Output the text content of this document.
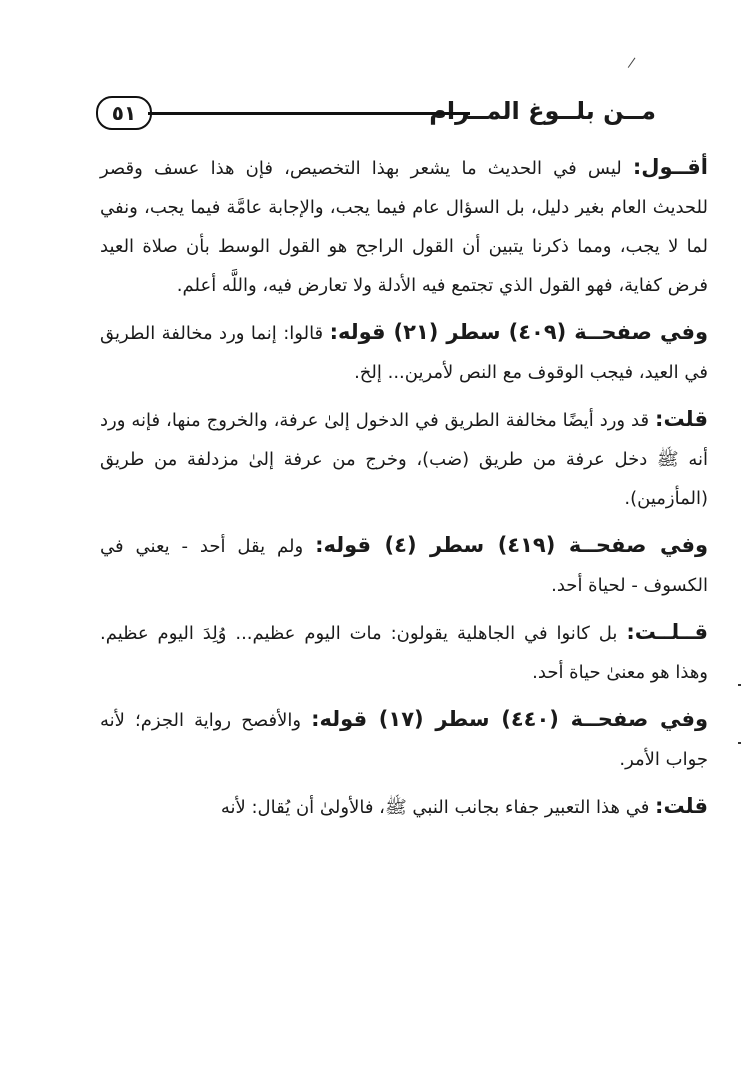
مــن بلــوغ المــرام
٥١

أقــول: ليس في الحديث ما يشعر بهذا التخصيص، فإن هذا عسف وقصر للحديث العام بغير دليل، بل السؤال عام فيما يجب، والإجابة عامَّة فيما يجب، ونفي لما لا يجب، ومما ذكرنا يتبين أن القول الراجح هو القول الوسط بأن صلاة العيد فرض كفاية، فهو القول الذي تجتمع فيه الأدلة ولا تعارض فيه، واللَّه أعلم.

وفي صفحــة (٤٠٩) سطر (٢١) قوله: قالوا: إنما ورد مخالفة الطريق في العيد، فيجب الوقوف مع النص لأمرين... إلخ.

قلت: قد ورد أيضًا مخالفة الطريق في الدخول إلىٰ عرفة، والخروج منها، فإنه ورد أنه ﷺ دخل عرفة من طريق (ضب)، وخرج من عرفة إلىٰ مزدلفة من طريق (المأزمين).

وفي صفحــة (٤١٩) سطر (٤) قوله: ولم يقل أحد - يعني في الكسوف - لحياة أحد.

قــلــت: بل كانوا في الجاهلية يقولون: مات اليوم عظيم... وُلِدَ اليوم عظيم. وهذا هو معنىٰ حياة أحد.

وفي صفحــة (٤٤٠) سطر (١٧) قوله: والأفصح رواية الجزم؛ لأنه جواب الأمر.

قلت: في هذا التعبير جفاء بجانب النبي ﷺ، فالأولىٰ أن يُقال: لأنه
